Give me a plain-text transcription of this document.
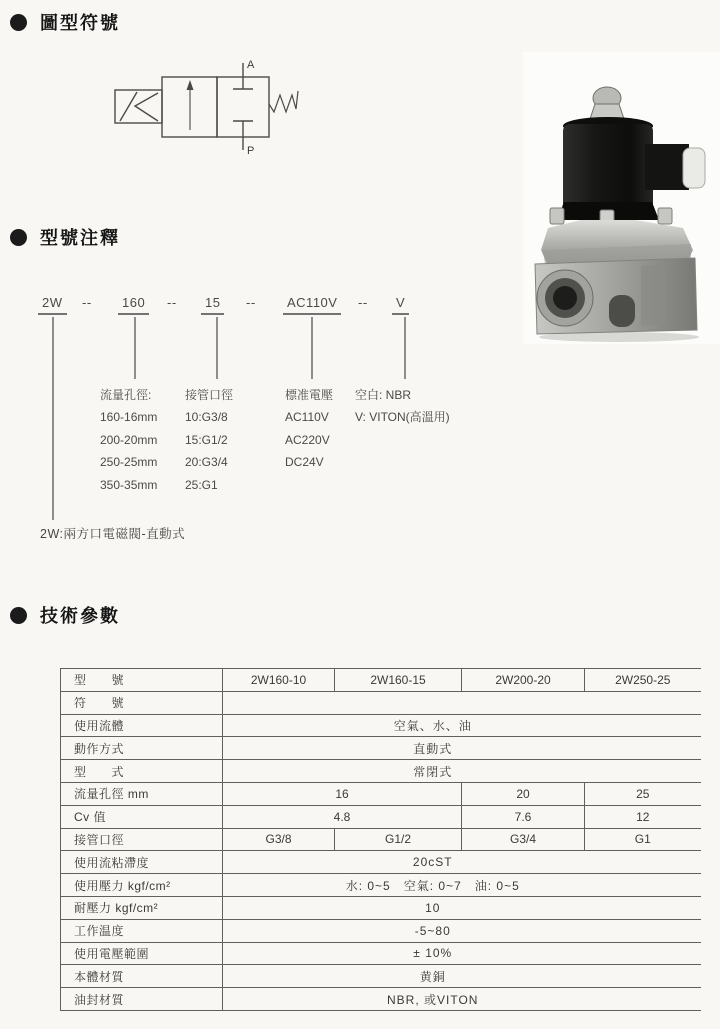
圖型符號
A
P
型號注釋
2W	--	160	--	15	--	AC110V	--	V
流量孔徑:
160-16mm
200-20mm
250-25mm
350-35mm
接管口徑
10:G3/8
15:G1/2
20:G3/4
25:G1
標准電壓
AC110V
AC220V
DC24V
空白: NBR
V: VITON(高溫用)
2W:兩方口電磁閥-直動式
技術參數
型　　號	2W160-10	2W160-15	2W200-20	2W250-25
符　　號				
使用流體	空氣、水、油			
動作方式	直動式			
型　　式	常閉式			
流量孔徑 mm	16		20	25
Cv 值	4.8		7.6	12
接管口徑	G3/8	G1/2	G3/4	G1
使用流粘滯度	20cST			
使用壓力 kgf/cm²	水: 0~5　空氣: 0~7　油: 0~5			
耐壓力 kgf/cm²	10			
工作温度	-5~80			
使用電壓範圍	± 10%			
本體材質	黄銅			
油封材質	NBR, 或VITON			
